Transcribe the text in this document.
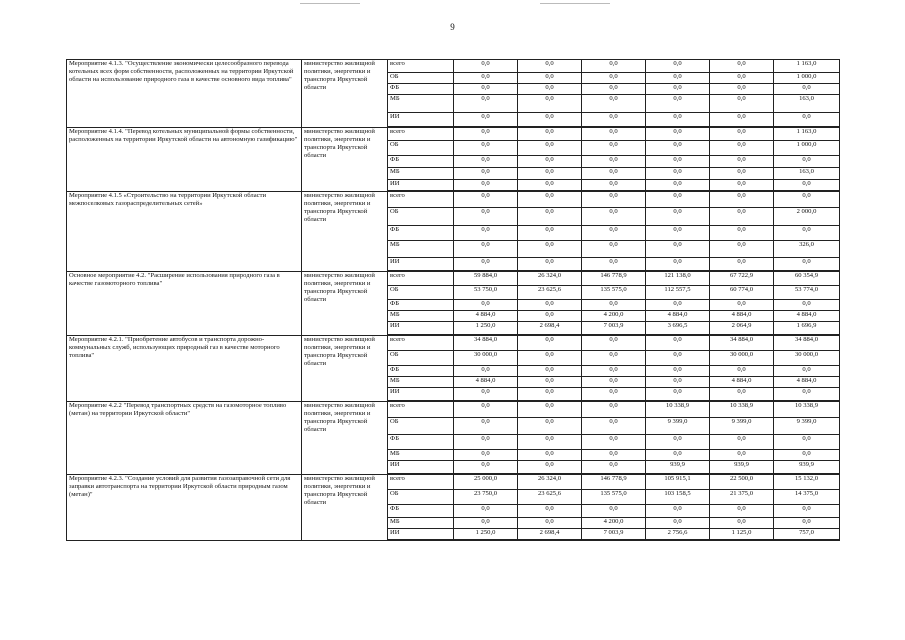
9
Мероприятие 4.1.3. "Осуществление экономически целесообразного перевода котельных всех форм собственности, расположенных на территории Иркутской области на использование природного газа в качестве основного вида топлива"	министерство жилищной политики, энергетики и транспорта Иркутской области	всего	0,0	0,0	0,0	0,0	0,0	1 163,0
		ОБ	0,0	0,0	0,0	0,0	0,0	1 000,0
		ФБ	0,0	0,0	0,0	0,0	0,0	0,0
		МБ	0,0	0,0	0,0	0,0	0,0	163,0
		ИИ	0,0	0,0	0,0	0,0	0,0	0,0
Мероприятие 4.1.4. "Перевод котельных муниципальной формы собственности, расположенных на территории Иркутской области на автономную газификацию"	министерство жилищной политики, энергетики и транспорта Иркутской области	всего	0,0	0,0	0,0	0,0	0,0	1 163,0
		ОБ	0,0	0,0	0,0	0,0	0,0	1 000,0
		ФБ	0,0	0,0	0,0	0,0	0,0	0,0
		МБ	0,0	0,0	0,0	0,0	0,0	163,0
		ИИ	0,0	0,0	0,0	0,0	0,0	0,0
Мероприятие 4.1.5 «Строительство на территории Иркутской области межпоселковых газораспределительных сетей»	министерство жилищной политики, энергетики и транспорта Иркутской области	всего	0,0	0,0	0,0	0,0	0,0	0,0
		ОБ	0,0	0,0	0,0	0,0	0,0	2 000,0
		ФБ	0,0	0,0	0,0	0,0	0,0	0,0
		МБ	0,0	0,0	0,0	0,0	0,0	326,0
		ИИ	0,0	0,0	0,0	0,0	0,0	0,0
Основное мероприятие 4.2. "Расширение использования природного газа в качестве газомоторного топлива"	министерство жилищной политики, энергетики и транспорта Иркутской области	всего	59 884,0	26 324,0	146 778,9	121 138,0	67 722,9	60 354,9
		ОБ	53 750,0	23 625,6	135 575,0	112 557,5	60 774,0	53 774,0
		ФБ	0,0	0,0	0,0	0,0	0,0	0,0
		МБ	4 884,0	0,0	4 200,0	4 884,0	4 884,0	4 884,0
		ИИ	1 250,0	2 698,4	7 003,9	3 696,5	2 064,9	1 696,9
Мероприятие 4.2.1. "Приобретение автобусов и транспорта дорожно-коммунальных служб, использующих природный газ в качестве моторного топлива"	министерство жилищной политики, энергетики и транспорта Иркутской области	всего	34 884,0	0,0	0,0	0,0	34 884,0	34 884,0
		ОБ	30 000,0	0,0	0,0	0,0	30 000,0	30 000,0
		ФБ	0,0	0,0	0,0	0,0	0,0	0,0
		МБ	4 884,0	0,0	0,0	0,0	4 884,0	4 884,0
		ИИ	0,0	0,0	0,0	0,0	0,0	0,0
Мероприятие 4.2.2 "Перевод транспортных средств на газомоторное топливо (метан) на территории Иркутской области"	министерство жилищной политики, энергетики и транспорта Иркутской области	всего	0,0	0,0	0,0	10 338,9	10 338,9	10 338,9
		ОБ	0,0	0,0	0,0	9 399,0	9 399,0	9 399,0
		ФБ	0,0	0,0	0,0	0,0	0,0	0,0
		МБ	0,0	0,0	0,0	0,0	0,0	0,0
		ИИ	0,0	0,0	0,0	939,9	939,9	939,9
Мероприятие 4.2.3. "Создание условий для развития газозаправочной сети для заправки автотранспорта на территории Иркутской области природным газом (метан)"	министерство жилищной политики, энергетики и транспорта Иркутской области	всего	25 000,0	26 324,0	146 778,9	105 915,1	22 500,0	15 132,0
		ОБ	23 750,0	23 625,6	135 575,0	103 158,5	21 375,0	14 375,0
		ФБ	0,0	0,0	0,0	0,0	0,0	0,0
		МБ	0,0	0,0	4 200,0	0,0	0,0	0,0
		ИИ	1 250,0	2 698,4	7 003,9	2 756,6	1 125,0	757,0
